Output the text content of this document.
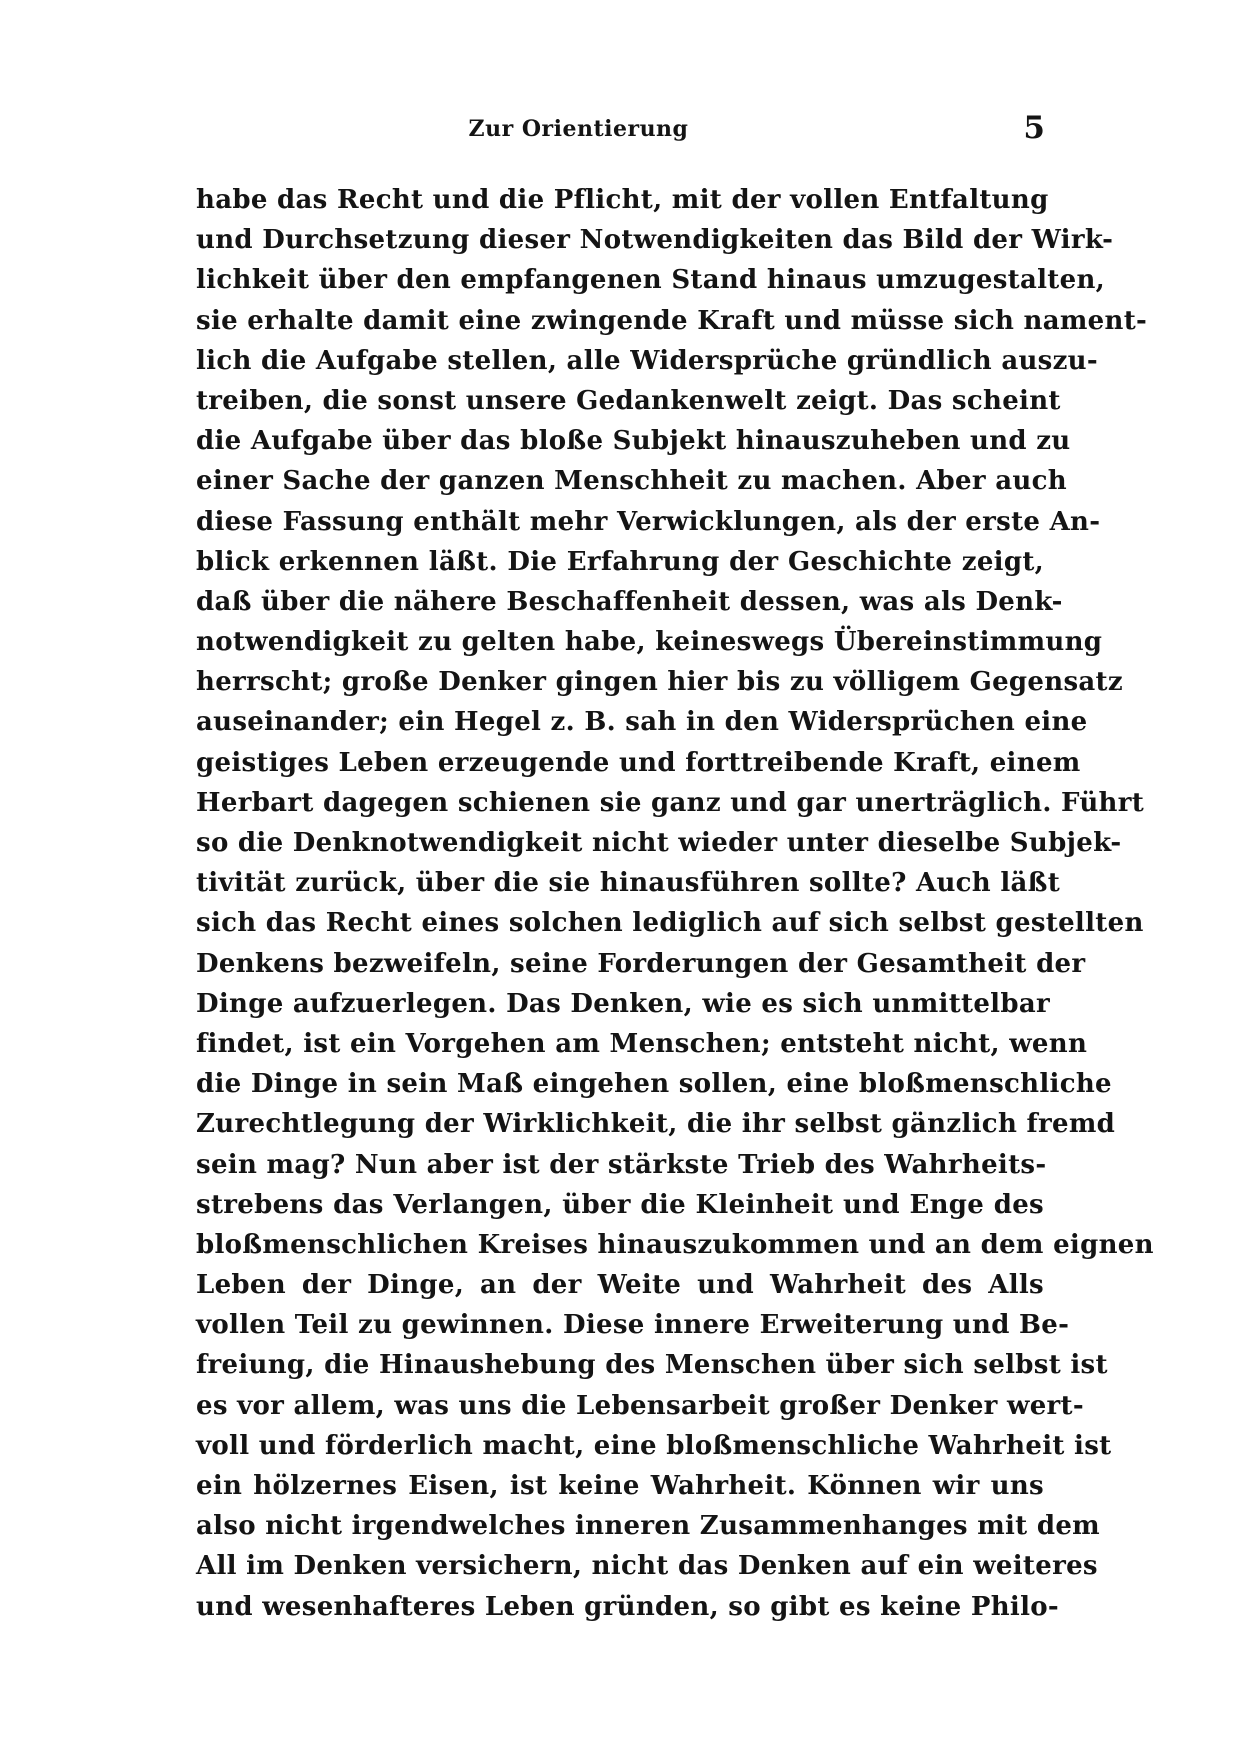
Zur Orientierung	5
habe das Recht und die Pflicht, mit der vollen Entfaltung
und Durchsetzung dieser Notwendigkeiten das Bild der Wirk-
lichkeit über den empfangenen Stand hinaus umzugestalten,
sie erhalte damit eine zwingende Kraft und müsse sich nament-
lich die Aufgabe stellen, alle Widersprüche gründlich auszu-
treiben, die sonst unsere Gedankenwelt zeigt. Das scheint
die Aufgabe über das bloße Subjekt hinauszuheben und zu
einer Sache der ganzen Menschheit zu machen. Aber auch
diese Fassung enthält mehr Verwicklungen, als der erste An-
blick erkennen läßt. Die Erfahrung der Geschichte zeigt,
daß über die nähere Beschaffenheit dessen, was als Denk-
notwendigkeit zu gelten habe, keineswegs Übereinstimmung
herrscht; große Denker gingen hier bis zu völligem Gegensatz
auseinander; ein Hegel z. B. sah in den Widersprüchen eine
geistiges Leben erzeugende und forttreibende Kraft, einem
Herbart dagegen schienen sie ganz und gar unerträglich. Führt
so die Denknotwendigkeit nicht wieder unter dieselbe Subjek-
tivität zurück, über die sie hinausführen sollte? Auch läßt
sich das Recht eines solchen lediglich auf sich selbst gestellten
Denkens bezweifeln, seine Forderungen der Gesamtheit der
Dinge aufzuerlegen. Das Denken, wie es sich unmittelbar
findet, ist ein Vorgehen am Menschen; entsteht nicht, wenn
die Dinge in sein Maß eingehen sollen, eine bloßmenschliche
Zurechtlegung der Wirklichkeit, die ihr selbst gänzlich fremd
sein mag? Nun aber ist der stärkste Trieb des Wahrheits-
strebens das Verlangen, über die Kleinheit und Enge des
bloßmenschlichen Kreises hinauszukommen und an dem eignen
Leben der Dinge, an der Weite und Wahrheit des Alls
vollen Teil zu gewinnen. Diese innere Erweiterung und Be-
freiung, die Hinaushebung des Menschen über sich selbst ist
es vor allem, was uns die Lebensarbeit großer Denker wert-
voll und förderlich macht, eine bloßmenschliche Wahrheit ist
ein hölzernes Eisen, ist keine Wahrheit. Können wir uns
also nicht irgendwelches inneren Zusammenhanges mit dem
All im Denken versichern, nicht das Denken auf ein weiteres
und wesenhafteres Leben gründen, so gibt es keine Philo-
